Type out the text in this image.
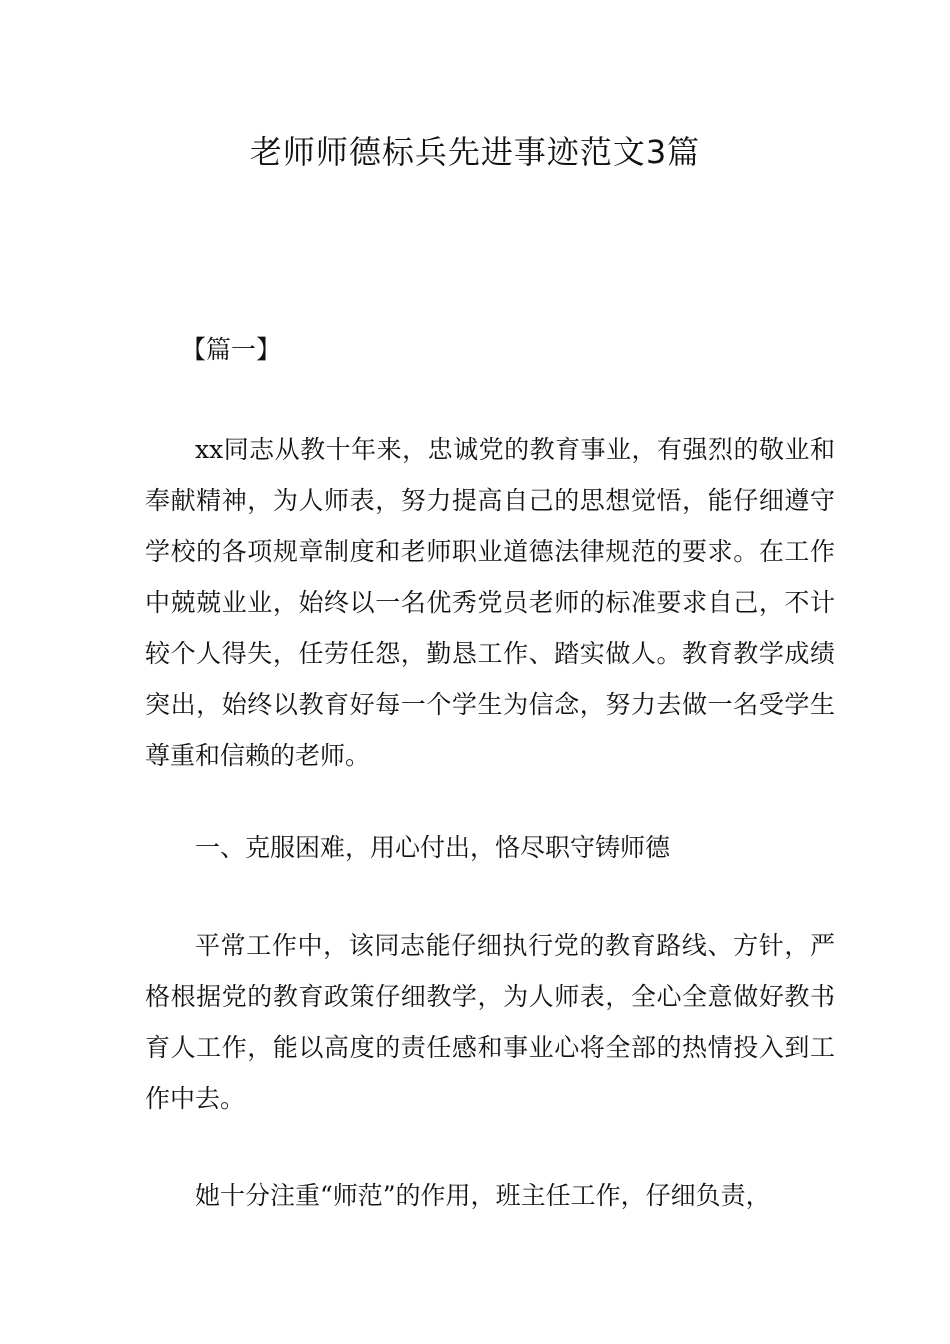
老师师德标兵先进事迹范文3篇

【篇一】

xx同志从教十年来，忠诚党的教育事业，有强烈的敬业和奉献精神，为人师表，努力提高自己的思想觉悟，能仔细遵守学校的各项规章制度和老师职业道德法律规范的要求。在工作中兢兢业业，始终以一名优秀党员老师的标准要求自己，不计较个人得失，任劳任怨，勤恳工作、踏实做人。教育教学成绩突出，始终以教育好每一个学生为信念，努力去做一名受学生尊重和信赖的老师。

一、克服困难，用心付出，恪尽职守铸师德

平常工作中，该同志能仔细执行党的教育路线、方针，严格根据党的教育政策仔细教学，为人师表，全心全意做好教书育人工作，能以高度的责任感和事业心将全部的热情投入到工作中去。

她十分注重“师范”的作用，班主任工作，仔细负责，
